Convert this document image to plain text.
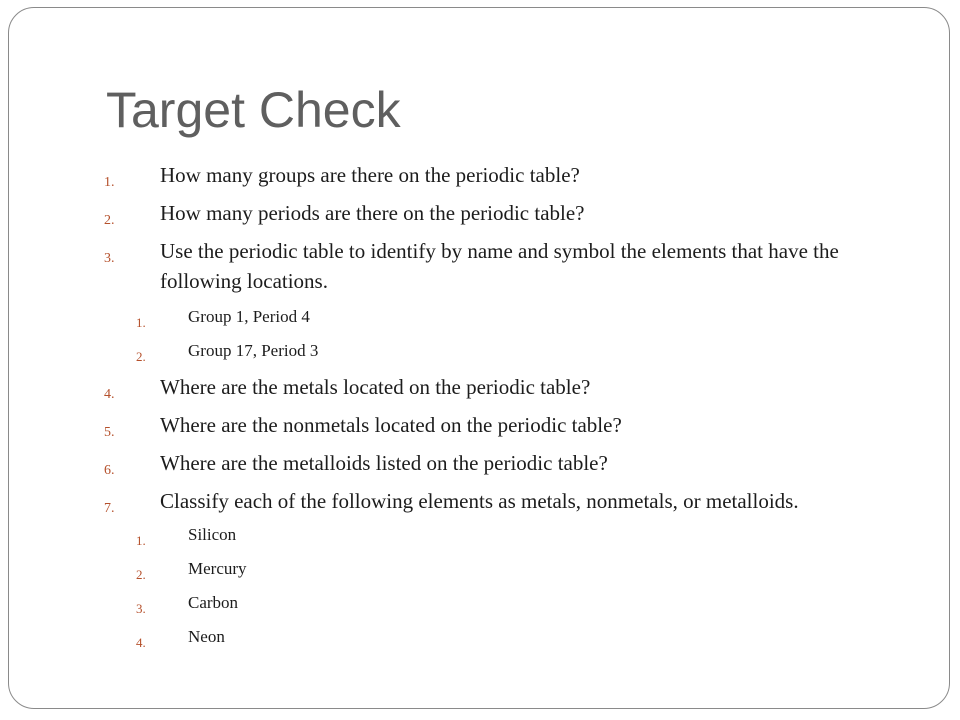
Target Check
1. How many groups are there on the periodic table?
2. How many periods are there on the periodic table?
3. Use the periodic table to identify by name and symbol the elements that have the following locations.
1. Group 1, Period 4
2. Group 17, Period 3
4. Where are the metals located on the periodic table?
5. Where are the nonmetals located on the periodic table?
6. Where are the metalloids listed on the periodic table?
7. Classify each of the following elements as metals, nonmetals, or metalloids.
1. Silicon
2. Mercury
3. Carbon
4. Neon
